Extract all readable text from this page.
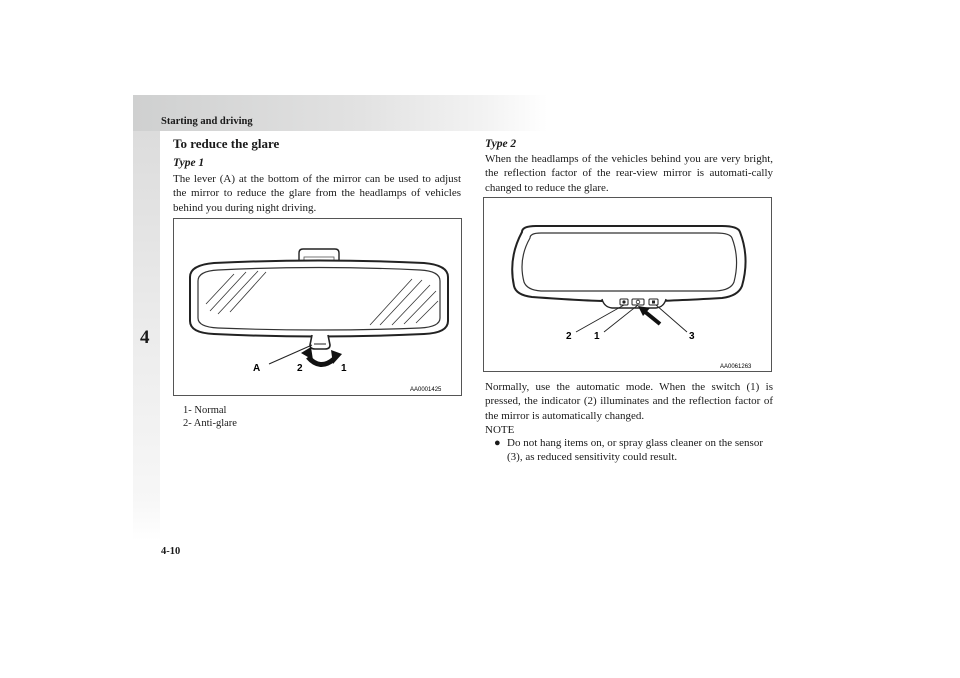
Starting and driving
4
4-10
To reduce the glare
Type 1

The lever (A) at the bottom of the mirror can be used to adjust the mirror to reduce the glare from the headlamps of vehicles behind you during night driving.

A	2	1
AA0001425
1- Normal
2- Anti-glare
Type 2

When the headlamps of the vehicles behind you are very bright, the reflection factor of the rear-view mirror is automati-cally changed to reduce the glare.

2 1	3
AA0061263

Normally, use the automatic mode. When the switch (1) is pressed, the indicator (2) illuminates and the reflection factor of the mirror is automatically changed.

NOTE
● Do not hang items on, or spray glass cleaner on the sensor (3), as reduced sensitivity could result.
